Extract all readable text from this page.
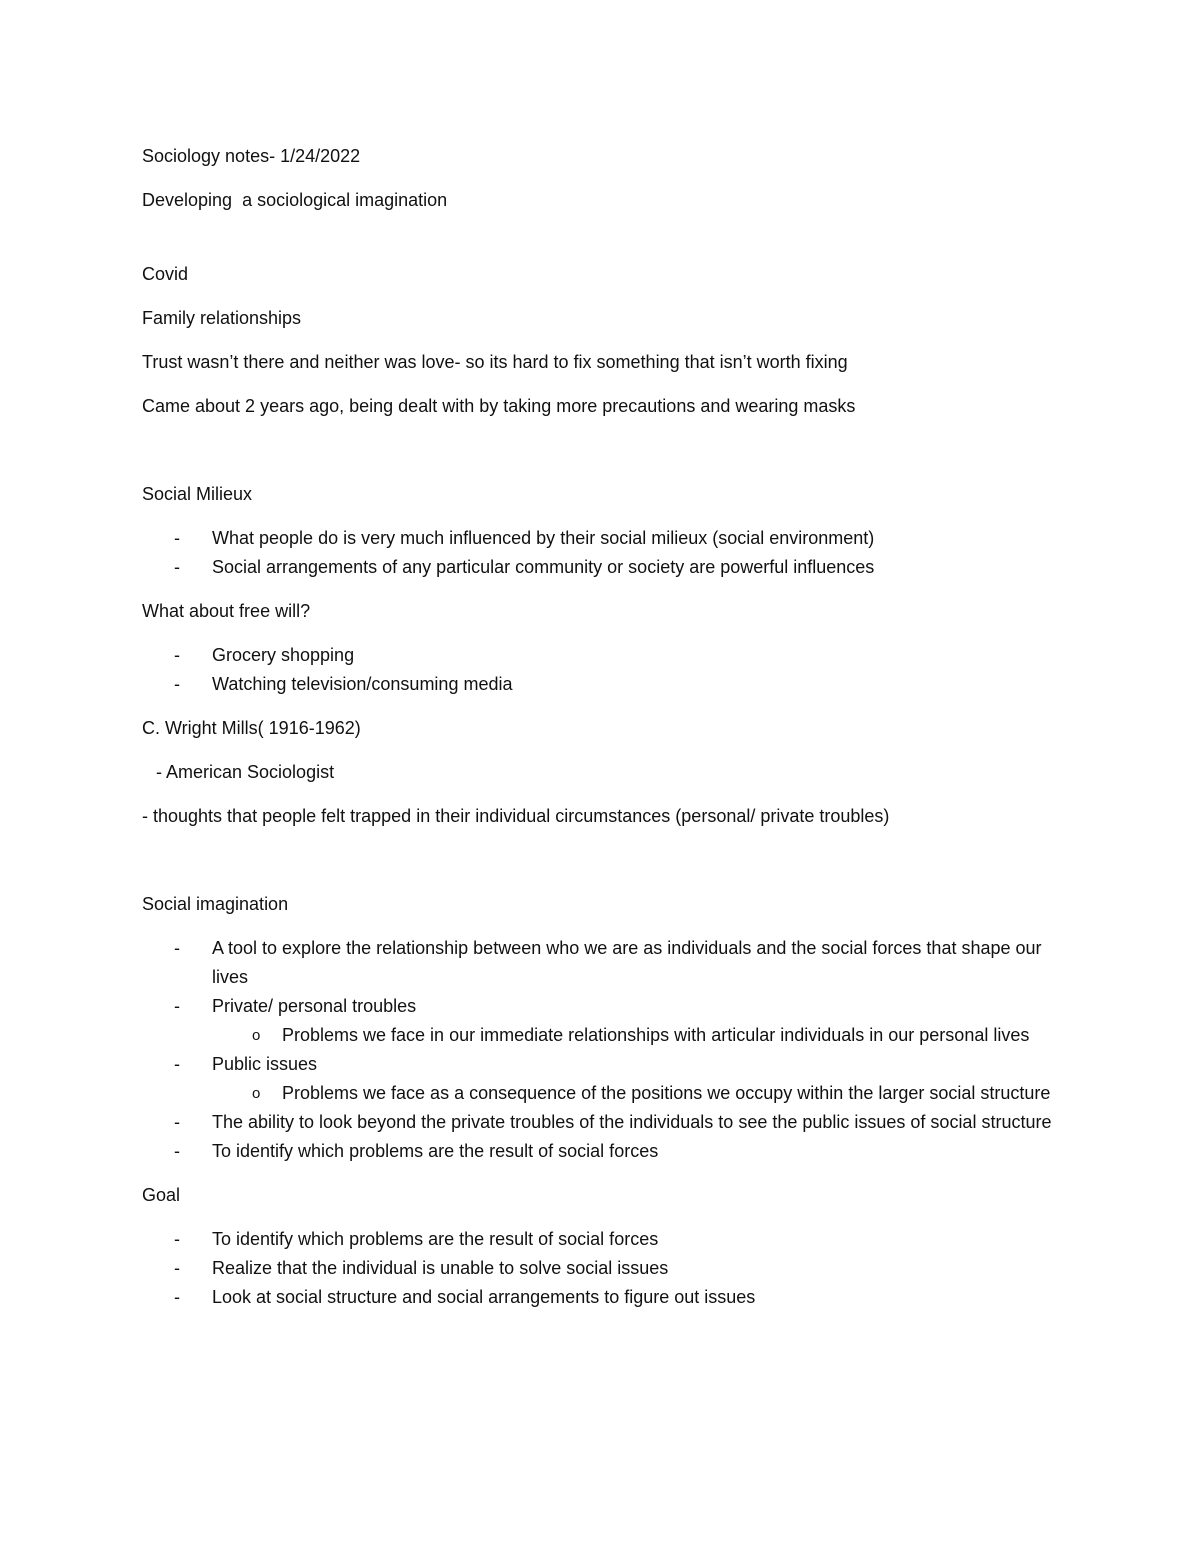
Sociology notes- 1/24/2022

Developing  a sociological imagination

Covid

Family relationships

Trust wasn’t there and neither was love- so its hard to fix something that isn’t worth fixing

Came about 2 years ago, being dealt with by taking more precautions and wearing masks

Social Milieux

-	What people do is very much influenced by their social milieux (social environment)
-	Social arrangements of any particular community or society are powerful influences

What about free will?

-	Grocery shopping
-	Watching television/consuming media

C. Wright Mills( 1916-1962)

- American Sociologist

- thoughts that people felt trapped in their individual circumstances (personal/ private troubles)

Social imagination

-	A tool to explore the relationship between who we are as individuals and the social forces that shape our lives
-	Private/ personal troubles
o Problems we face in our immediate relationships with articular individuals in our personal lives
-	Public issues
o Problems we face as a consequence of the positions we occupy within the larger social structure
-	The ability to look beyond the private troubles of the individuals to see the public issues of social structure
-	To identify which problems are the result of social forces

Goal

-	To identify which problems are the result of social forces
-	Realize that the individual is unable to solve social issues
-	Look at social structure and social arrangements to figure out issues
